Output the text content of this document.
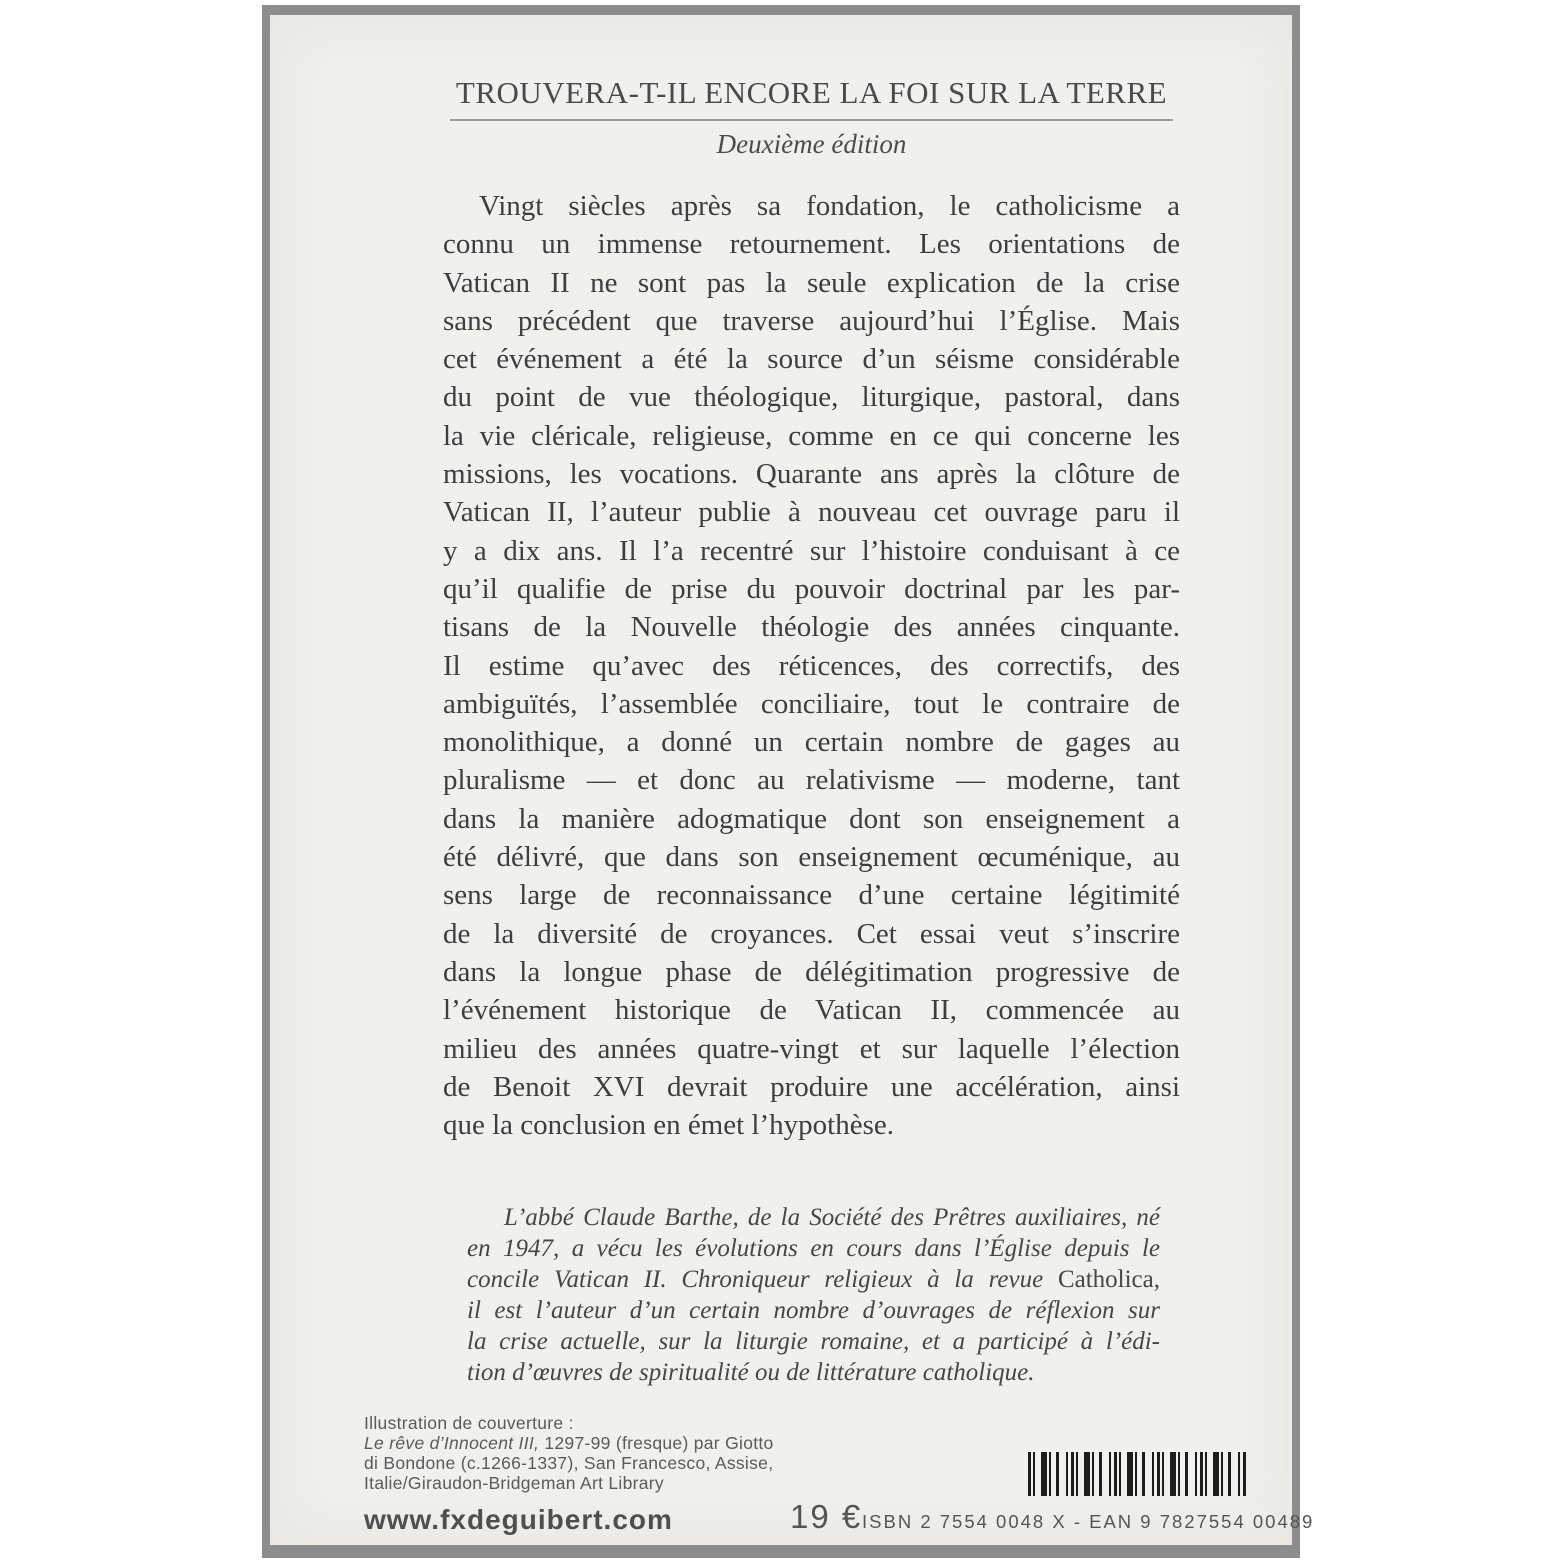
TROUVERA-T-IL ENCORE LA FOI SUR LA TERRE
Deuxième édition
Vingt siècles après sa fondation, le catholicisme a
connu un immense retournement. Les orientations de
Vatican II ne sont pas la seule explication de la crise
sans précédent que traverse aujourd’hui l’Église. Mais
cet événement a été la source d’un séisme considérable
du point de vue théologique, liturgique, pastoral, dans
la vie cléricale, religieuse, comme en ce qui concerne les
missions, les vocations. Quarante ans après la clôture de
Vatican II, l’auteur publie à nouveau cet ouvrage paru il
y a dix ans. Il l’a recentré sur l’histoire conduisant à ce
qu’il qualifie de prise du pouvoir doctrinal par les par-
tisans de la Nouvelle théologie des années cinquante.
Il estime qu’avec des réticences, des correctifs, des
ambiguïtés, l’assemblée conciliaire, tout le contraire de
monolithique, a donné un certain nombre de gages au
pluralisme — et donc au relativisme — moderne, tant
dans la manière adogmatique dont son enseignement a
été délivré, que dans son enseignement œcuménique, au
sens large de reconnaissance d’une certaine légitimité
de la diversité de croyances. Cet essai veut s’inscrire
dans la longue phase de délégitimation progressive de
l’événement historique de Vatican II, commencée au
milieu des années quatre-vingt et sur laquelle l’élection
de Benoit XVI devrait produire une accélération, ainsi
que la conclusion en émet l’hypothèse.
L’abbé Claude Barthe, de la Société des Prêtres auxiliaires, né
en 1947, a vécu les évolutions en cours dans l’Église depuis le
concile Vatican II. Chroniqueur religieux à la revue Catholica,
il est l’auteur d’un certain nombre d’ouvrages de réflexion sur
la crise actuelle, sur la liturgie romaine, et a participé à l’édi-
tion d’œuvres de spiritualité ou de littérature catholique.
Illustration de couverture :
Le rêve d’Innocent III, 1297-99 (fresque) par Giotto
di Bondone (c.1266-1337), San Francesco, Assise,
Italie/Giraudon-Bridgeman Art Library
www.fxdeguibert.com	19 € ISBN 2 7554 0048 X - EAN 9 7827554 00489
